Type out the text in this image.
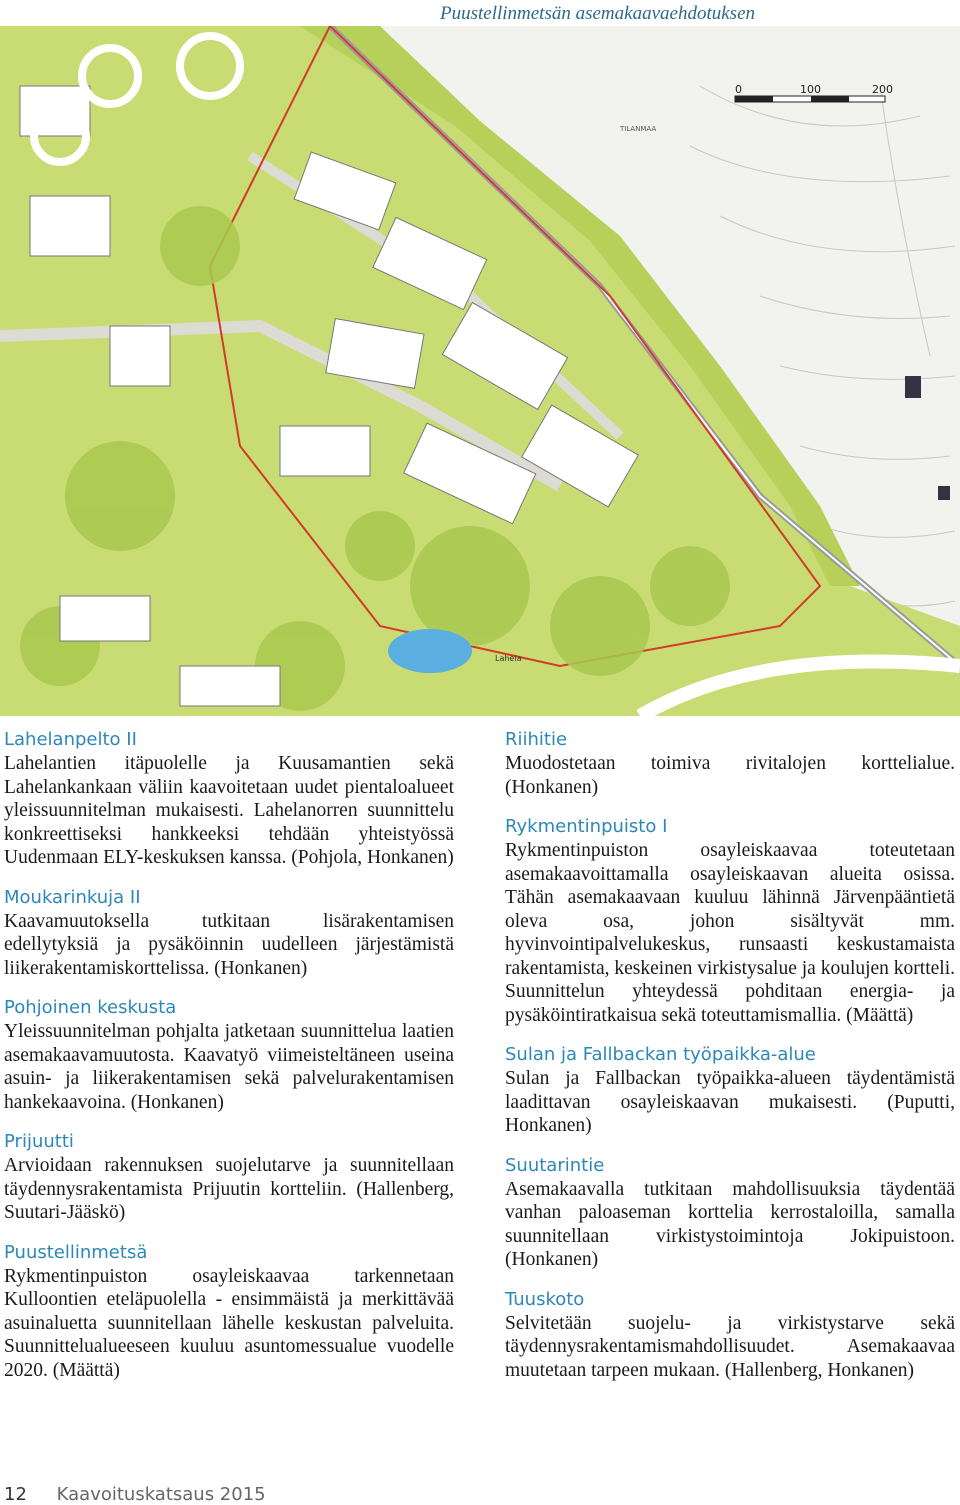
Puustellinmetsän asemakaavaehdotuksen
0	100	200
Lahela
TILANMAA
Lahelanpelto II

Lahelantien itäpuolelle ja Kuusamantien sekä Lahelankankaan väliin kaavoitetaan uudet pientaloalueet yleissuunnitelman mukaisesti. Lahelanorren suunnittelu konkreettiseksi hankkeeksi tehdään yhteistyössä Uudenmaan ELY-keskuksen kanssa. (Pohjola, Honkanen)

Moukarinkuja II

Kaavamuutoksella tutkitaan lisärakentamisen edellytyksiä ja pysäköinnin uudelleen järjestämistä liikerakentamiskorttelissa. (Honkanen)

Pohjoinen keskusta

Yleissuunnitelman pohjalta jatketaan suunnittelua laatien asemakaavamuutosta. Kaavatyö viimeisteltäneen useina asuin- ja liikerakentamisen sekä palvelurakentamisen hankekaavoina. (Honkanen)

Prijuutti

Arvioidaan rakennuksen suojelutarve ja suunnitellaan täydennysrakentamista Prijuutin kortteliin. (Hallenberg, Suutari-Jääskö)

Puustellinmetsä

Rykmentinpuiston osayleiskaavaa tarkennetaan Kulloontien eteläpuolella - ensimmäistä ja merkittävää asuinaluetta suunnitellaan lähelle keskustan palveluita. Suunnittelualueeseen kuuluu asuntomessualue vuodelle 2020. (Määttä)

Riihitie

Muodostetaan toimiva rivitalojen korttelialue. (Honkanen)

Rykmentinpuisto I

Rykmentinpuiston osayleiskaavaa toteutetaan asemakaavoittamalla osayleiskaavan alueita osissa. Tähän asemakaavaan kuuluu lähinnä Järvenpääntietä oleva osa, johon sisältyvät mm. hyvinvointipalvelukeskus, runsaasti keskustamaista rakentamista, keskeinen virkistysalue ja koulujen kortteli. Suunnittelun yhteydessä pohditaan energia- ja pysäköintiratkaisua sekä toteuttamismallia. (Määttä)

Sulan ja Fallbackan työpaikka-alue

Sulan ja Fallbackan työpaikka-alueen täydentämistä laadittavan osayleiskaavan mukaisesti. (Puputti, Honkanen)

Suutarintie

Asemakaavalla tutkitaan mahdollisuuksia täydentää vanhan paloaseman korttelia kerrostaloilla, samalla suunnitellaan virkistystoimintoja Jokipuistoon. (Honkanen)

Tuuskoto

Selvitetään suojelu- ja virkistystarve sekä täydennysrakentamismahdollisuudet. Asemakaavaa muutetaan tarpeen mukaan. (Hallenberg, Honkanen)

12 Kaavoituskatsaus 2015
